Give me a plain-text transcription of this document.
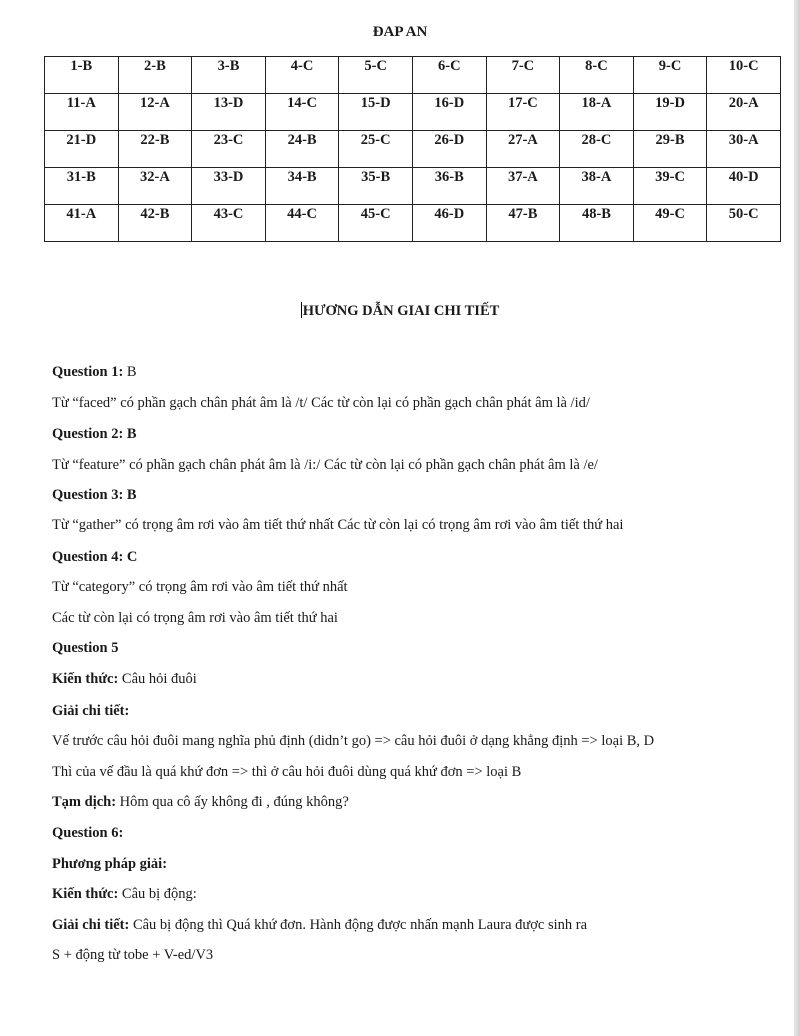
ĐAP AN
1-B	2-B	3-B	4-C	5-C	6-C	7-C	8-C	9-C	10-C
11-A	12-A	13-D	14-C	15-D	16-D	17-C	18-A	19-D	20-A
21-D	22-B	23-C	24-B	25-C	26-D	27-A	28-C	29-B	30-A
31-B	32-A	33-D	34-B	35-B	36-B	37-A	38-A	39-C	40-D
41-A	42-B	43-C	44-C	45-C	46-D	47-B	48-B	49-C	50-C
HƯƠNG DẪN GIAI CHI TIẾT
Question 1: B
Từ “faced” có phần gạch chân phát âm là /t/ Các từ còn lại có phần gạch chân phát âm là /id/
Question 2: B
Từ “feature” có phần gạch chân phát âm là /i:/ Các từ còn lại có phần gạch chân phát âm là /e/
Question 3: B
Từ “gather” có trọng âm rơi vào âm tiết thứ nhất Các từ còn lại có trọng âm rơi vào âm tiết thứ hai
Question 4: C
Từ “category” có trọng âm rơi vào âm tiết thứ nhất
Các từ còn lại có trọng âm rơi vào âm tiết thứ hai
Question 5
Kiến thức: Câu hỏi đuôi
Giải chi tiết:
Vế trước câu hỏi đuôi mang nghĩa phủ định (didn’t go) => câu hỏi đuôi ở dạng khẳng định => loại B, D
Thì của vế đầu là quá khứ đơn => thì ở câu hỏi đuôi dùng quá khứ đơn => loại B
Tạm dịch: Hôm qua cô ấy không đi , đúng không?
Question 6:
Phương pháp giải:
Kiến thức: Câu bị động:
Giải chi tiết: Câu bị động thì Quá khứ đơn. Hành động được nhấn mạnh Laura được sinh ra
S + động từ tobe + V-ed/V3
